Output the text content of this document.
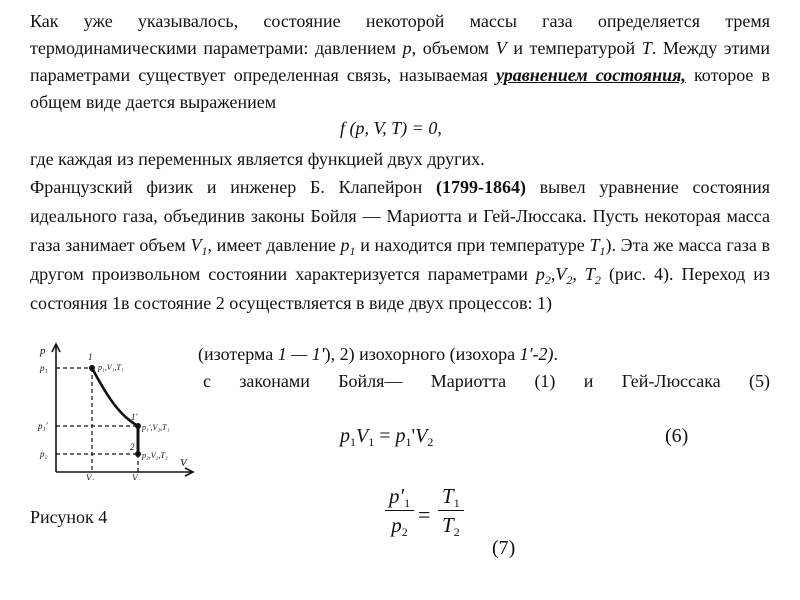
Как уже указывалось, состояние некоторой массы газа определяется тремя термодинамическими параметрами: давлением p, объемом V и температурой T. Между этими параметрами существует определенная связь, называемая уравнением состояния, которое в общем виде дается выражением
f (p, V, T) = 0,
где каждая из переменных является функцией двух других.
Французский физик и инженер Б. Клапейрон (1799-1864) вывел уравнение состояния идеального газа, объединив законы Бойля — Мариотта и Гей-Люссака. Пусть некоторая масса газа занимает объем $V_1$, имеет давление $p_1$ и находится при температуре $T_1$). Эта же масса газа в другом произвольном состоянии характеризуется параметрами $p_2,V_2$, $T_2$ (рис. 4). Переход из состояния 1в состояние 2 осуществляется в виде двух процессов: 1)
(изотерма 1 — 1'), 2) изохорного (изохора 1'-2).
с законами Бойля— Мариотта (1) и Гей-Люссака (5)
$p_1V_1 = p_1'V_2$	(6)
$\frac{p'_1}{p_2} = \frac{T_1}{T_2}$
(7)
p
V
p₁
p₁'
p₂
V₁	V₂
1
1'
2
p₁,V₁,T₁
p₁',V₂,T₁
p₂,V₂,T₂
Рисунок 4
